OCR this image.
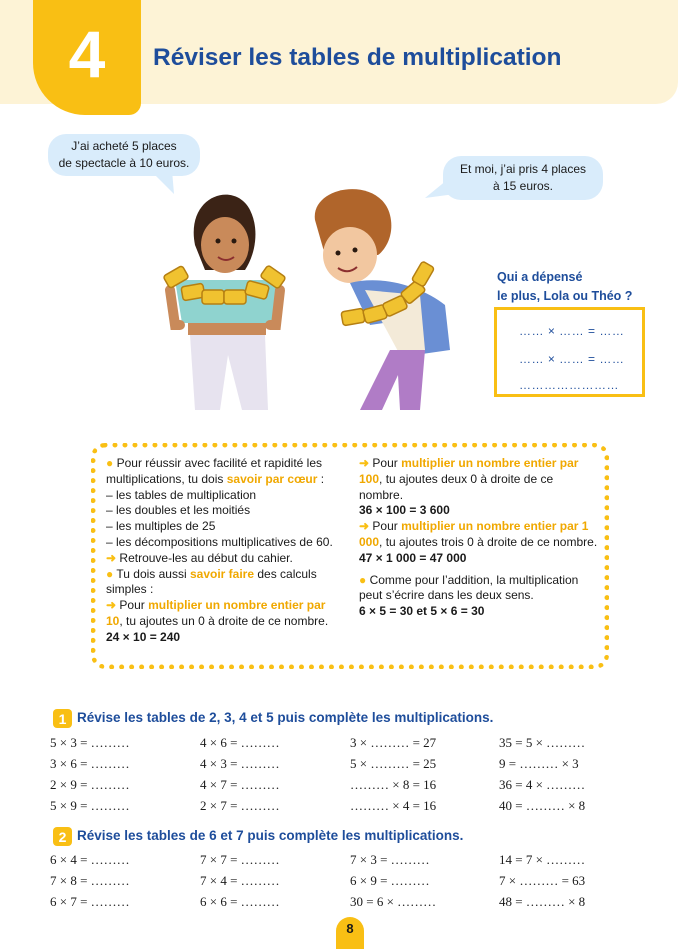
4 Réviser les tables de multiplication
J’ai acheté 5 places
de spectacle à 10 euros.	Et moi, j’ai pris 4 places
à 15 euros.
Qui a dépensé
le plus, Lola ou Théo ?
…… × …… = ……
…… × …… = ……
……………………
● Pour réussir avec facilité et rapidité les multiplications, tu dois savoir par cœur :
– les tables de multiplication
– les doubles et les moitiés
– les multiples de 25
– les décompositions multiplicatives de 60.
➜ Retrouve-les au début du cahier.
● Tu dois aussi savoir faire des calculs simples :
➜ Pour multiplier un nombre entier par 10, tu ajoutes un 0 à droite de ce nombre.
24 × 10 = 240
➜ Pour multiplier un nombre entier par 100, tu ajoutes deux 0 à droite de ce nombre.
36 × 100 = 3 600
➜ Pour multiplier un nombre entier par 1 000, tu ajoutes trois 0 à droite de ce nombre.
47 × 1 000 = 47 000
● Comme pour l’addition, la multiplication peut s’écrire dans les deux sens.
6 × 5 = 30 et 5 × 6 = 30
1 Révise les tables de 2, 3, 4 et 5 puis complète les multiplications.
5 × 3 = ………	4 × 6 = ………	3 × ……… = 27	35 = 5 × ………
3 × 6 = ………	4 × 3 = ………	5 × ……… = 25	9 = ……… × 3
2 × 9 = ………	4 × 7 = ………	……… × 8 = 16	36 = 4 × ………
5 × 9 = ………	2 × 7 = ………	……… × 4 = 16	40 = ……… × 8
2 Révise les tables de 6 et 7 puis complète les multiplications.
6 × 4 = ………	7 × 7 = ………	7 × 3 = ………	14 = 7 × ………
7 × 8 = ………	7 × 4 = ………	6 × 9 = ………	7 × ……… = 63
6 × 7 = ………	6 × 6 = ………	30 = 6 × ………	48 = ……… × 8
8
